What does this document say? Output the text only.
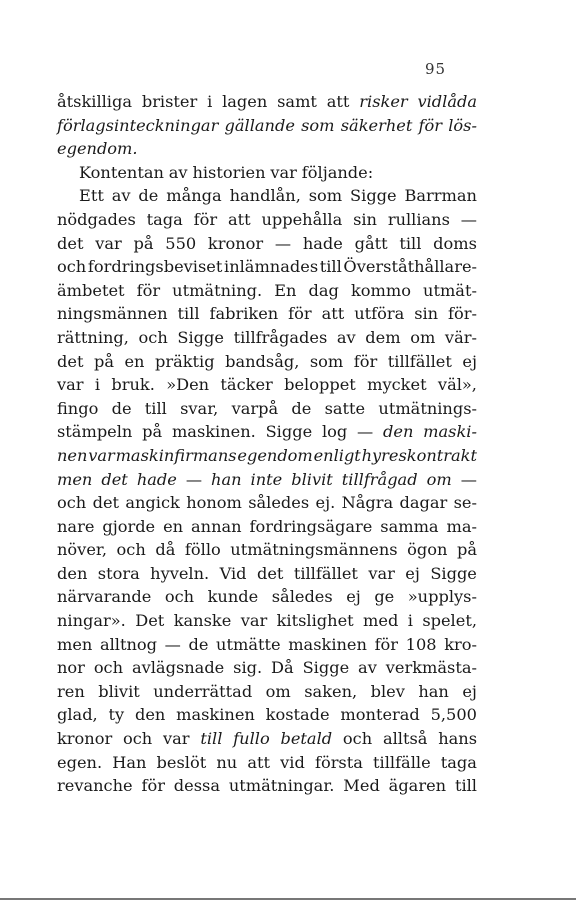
95
åtskilliga brister i lagen samt att risker vidlåda
förlagsinteckningar gällande som säkerhet för lös-
egendom.
Kontentan av historien var följande:
Ett av de många handlån, som Sigge Barrman
nödgades taga för att uppehålla sin rullians —
det var på 550 kronor — hade gått till doms
och fordringsbeviset inlämnades till Överståthållare-
ämbetet för utmätning. En dag kommo utmät-
ningsmännen till fabriken för att utföra sin för-
rättning, och Sigge tillfrågades av dem om vär-
det på en präktig bandsåg, som för tillfället ej
var i bruk. »Den täcker beloppet mycket väl»,
fingo de till svar, varpå de satte utmätnings-
stämpeln på maskinen. Sigge log — den maski-
nen var maskinfirmans egendom enligt hyreskontrakt
men det hade — han inte blivit tillfrågad om —
och det angick honom således ej. Några dagar se-
nare gjorde en annan fordringsägare samma ma-
növer, och då föllo utmätningsmännens ögon på
den stora hyveln. Vid det tillfället var ej Sigge
närvarande och kunde således ej ge »upplys-
ningar». Det kanske var kitslighet med i spelet,
men alltnog — de utmätte maskinen för 108 kro-
nor och avlägsnade sig. Då Sigge av verkmästa-
ren blivit underrättad om saken, blev han ej
glad, ty den maskinen kostade monterad 5,500
kronor och var till fullo betald och alltså hans
egen. Han beslöt nu att vid första tillfälle taga
revanche för dessa utmätningar. Med ägaren till
